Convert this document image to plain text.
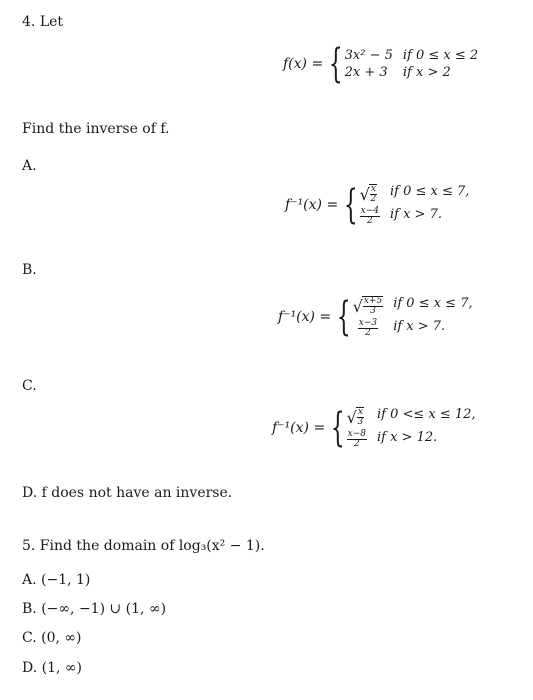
4. Let
f(x) = { 3x² − 5 if 0 ≤ x ≤ 2
2x + 3	if x > 2
Find the inverse of f.
A.
f⁻¹(x) = { √ $\frac{x}{2}$ if 0 ≤ x ≤ 7,
$\frac{x-4}{2}$ if x > 7.
B.
f⁻¹(x) = { √ $\frac{x+5}{3}$ if 0 ≤ x ≤ 7,
$\frac{x-3}{2}$ if x > 7.
C.
f⁻¹(x) = { √ $\frac{x}{3}$ if 0 <≤ x ≤ 12,
$\frac{x-8}{2}$ if x > 12.
D. f does not have an inverse.
5. Find the domain of log₃(x² − 1).
A. (−1, 1)
B. (−∞, −1) ∪ (1, ∞)
C. (0, ∞)
D. (1, ∞)
